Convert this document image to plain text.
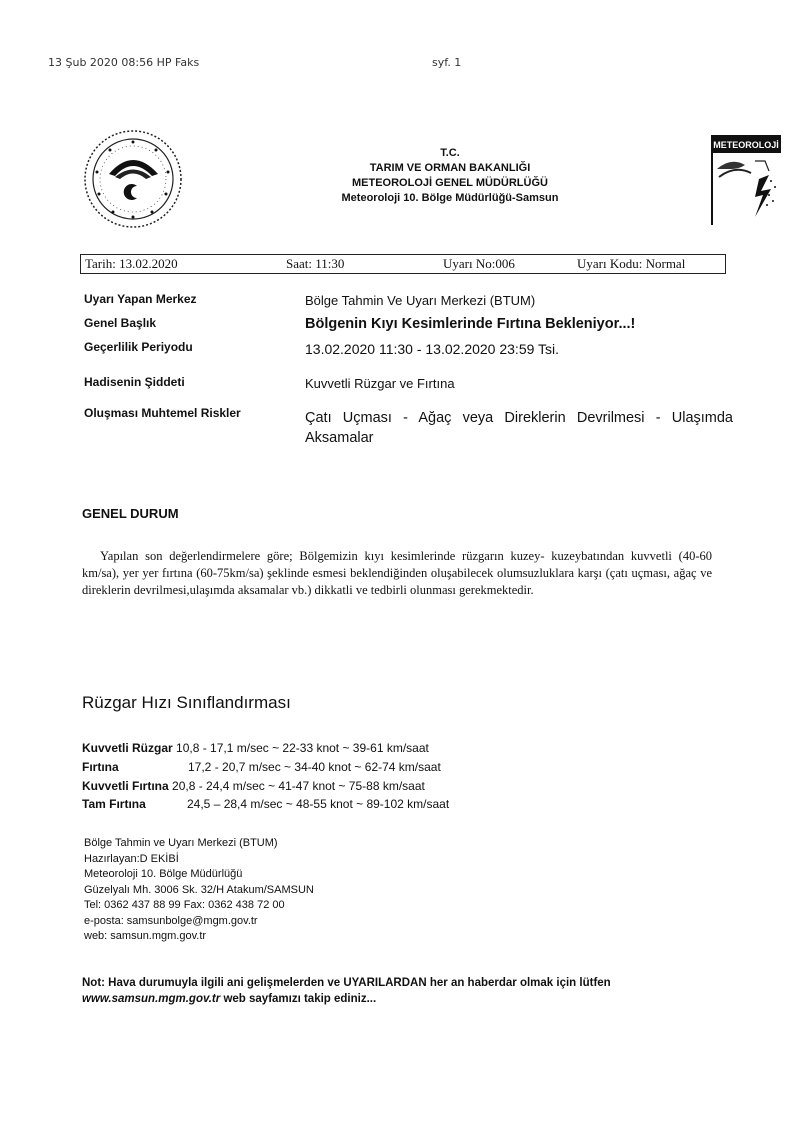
13 Şub 2020 08:56 HP Faks	syf. 1
T.C.
TARIM VE ORMAN BAKANLIĞI
METEOROLOJİ GENEL MÜDÜRLÜĞÜ
Meteoroloji 10. Bölge Müdürlüğü-Samsun
METEOROLOJİ
Tarih: 13.02.2020	Saat: 11:30	Uyarı No:006	Uyarı Kodu: Normal
Uyarı Yapan Merkez	Bölge Tahmin Ve Uyarı Merkezi (BTUM)
Genel Başlık	Bölgenin Kıyı Kesimlerinde Fırtına Bekleniyor...!
Geçerlilik Periyodu	13.02.2020 11:30 - 13.02.2020 23:59 Tsi.
Hadisenin Şiddeti	Kuvvetli Rüzgar ve Fırtına
Oluşması Muhtemel Riskler	Çatı Uçması - Ağaç veya Direklerin Devrilmesi - Ulaşımda Aksamalar
GENEL DURUM
Yapılan son değerlendirmelere göre; Bölgemizin kıyı kesimlerinde rüzgarın kuzey- kuzeybatından kuvvetli (40-60 km/sa), yer yer fırtına (60-75km/sa) şeklinde esmesi beklendiğinden oluşabilecek olumsuzluklara karşı (çatı uçması, ağaç ve direklerin devrilmesi,ulaşımda aksamalar vb.) dikkatli ve tedbirli olunması gerekmektedir.
Rüzgar Hızı Sınıflandırması
Kuvvetli Rüzgar 10,8 - 17,1 m/sec ~ 22-33 knot ~ 39-61 km/saat
Fırtına	17,2 - 20,7 m/sec ~ 34-40 knot ~ 62-74 km/saat
Kuvvetli Fırtına 20,8 - 24,4 m/sec ~ 41-47 knot ~ 75-88 km/saat
Tam Fırtına	24,5 – 28,4 m/sec ~ 48-55 knot ~ 89-102 km/saat
Bölge Tahmin ve Uyarı Merkezi (BTUM)
Hazırlayan:D EKİBİ
Meteoroloji 10. Bölge Müdürlüğü
Güzelyalı Mh. 3006 Sk. 32/H Atakum/SAMSUN
Tel: 0362 437 88 99 Fax: 0362 438 72 00
e-posta: samsunbolge@mgm.gov.tr
web: samsun.mgm.gov.tr
Not: Hava durumuyla ilgili ani gelişmelerden ve UYARILARDAN her an haberdar olmak için lütfen www.samsun.mgm.gov.tr web sayfamızı takip ediniz...
